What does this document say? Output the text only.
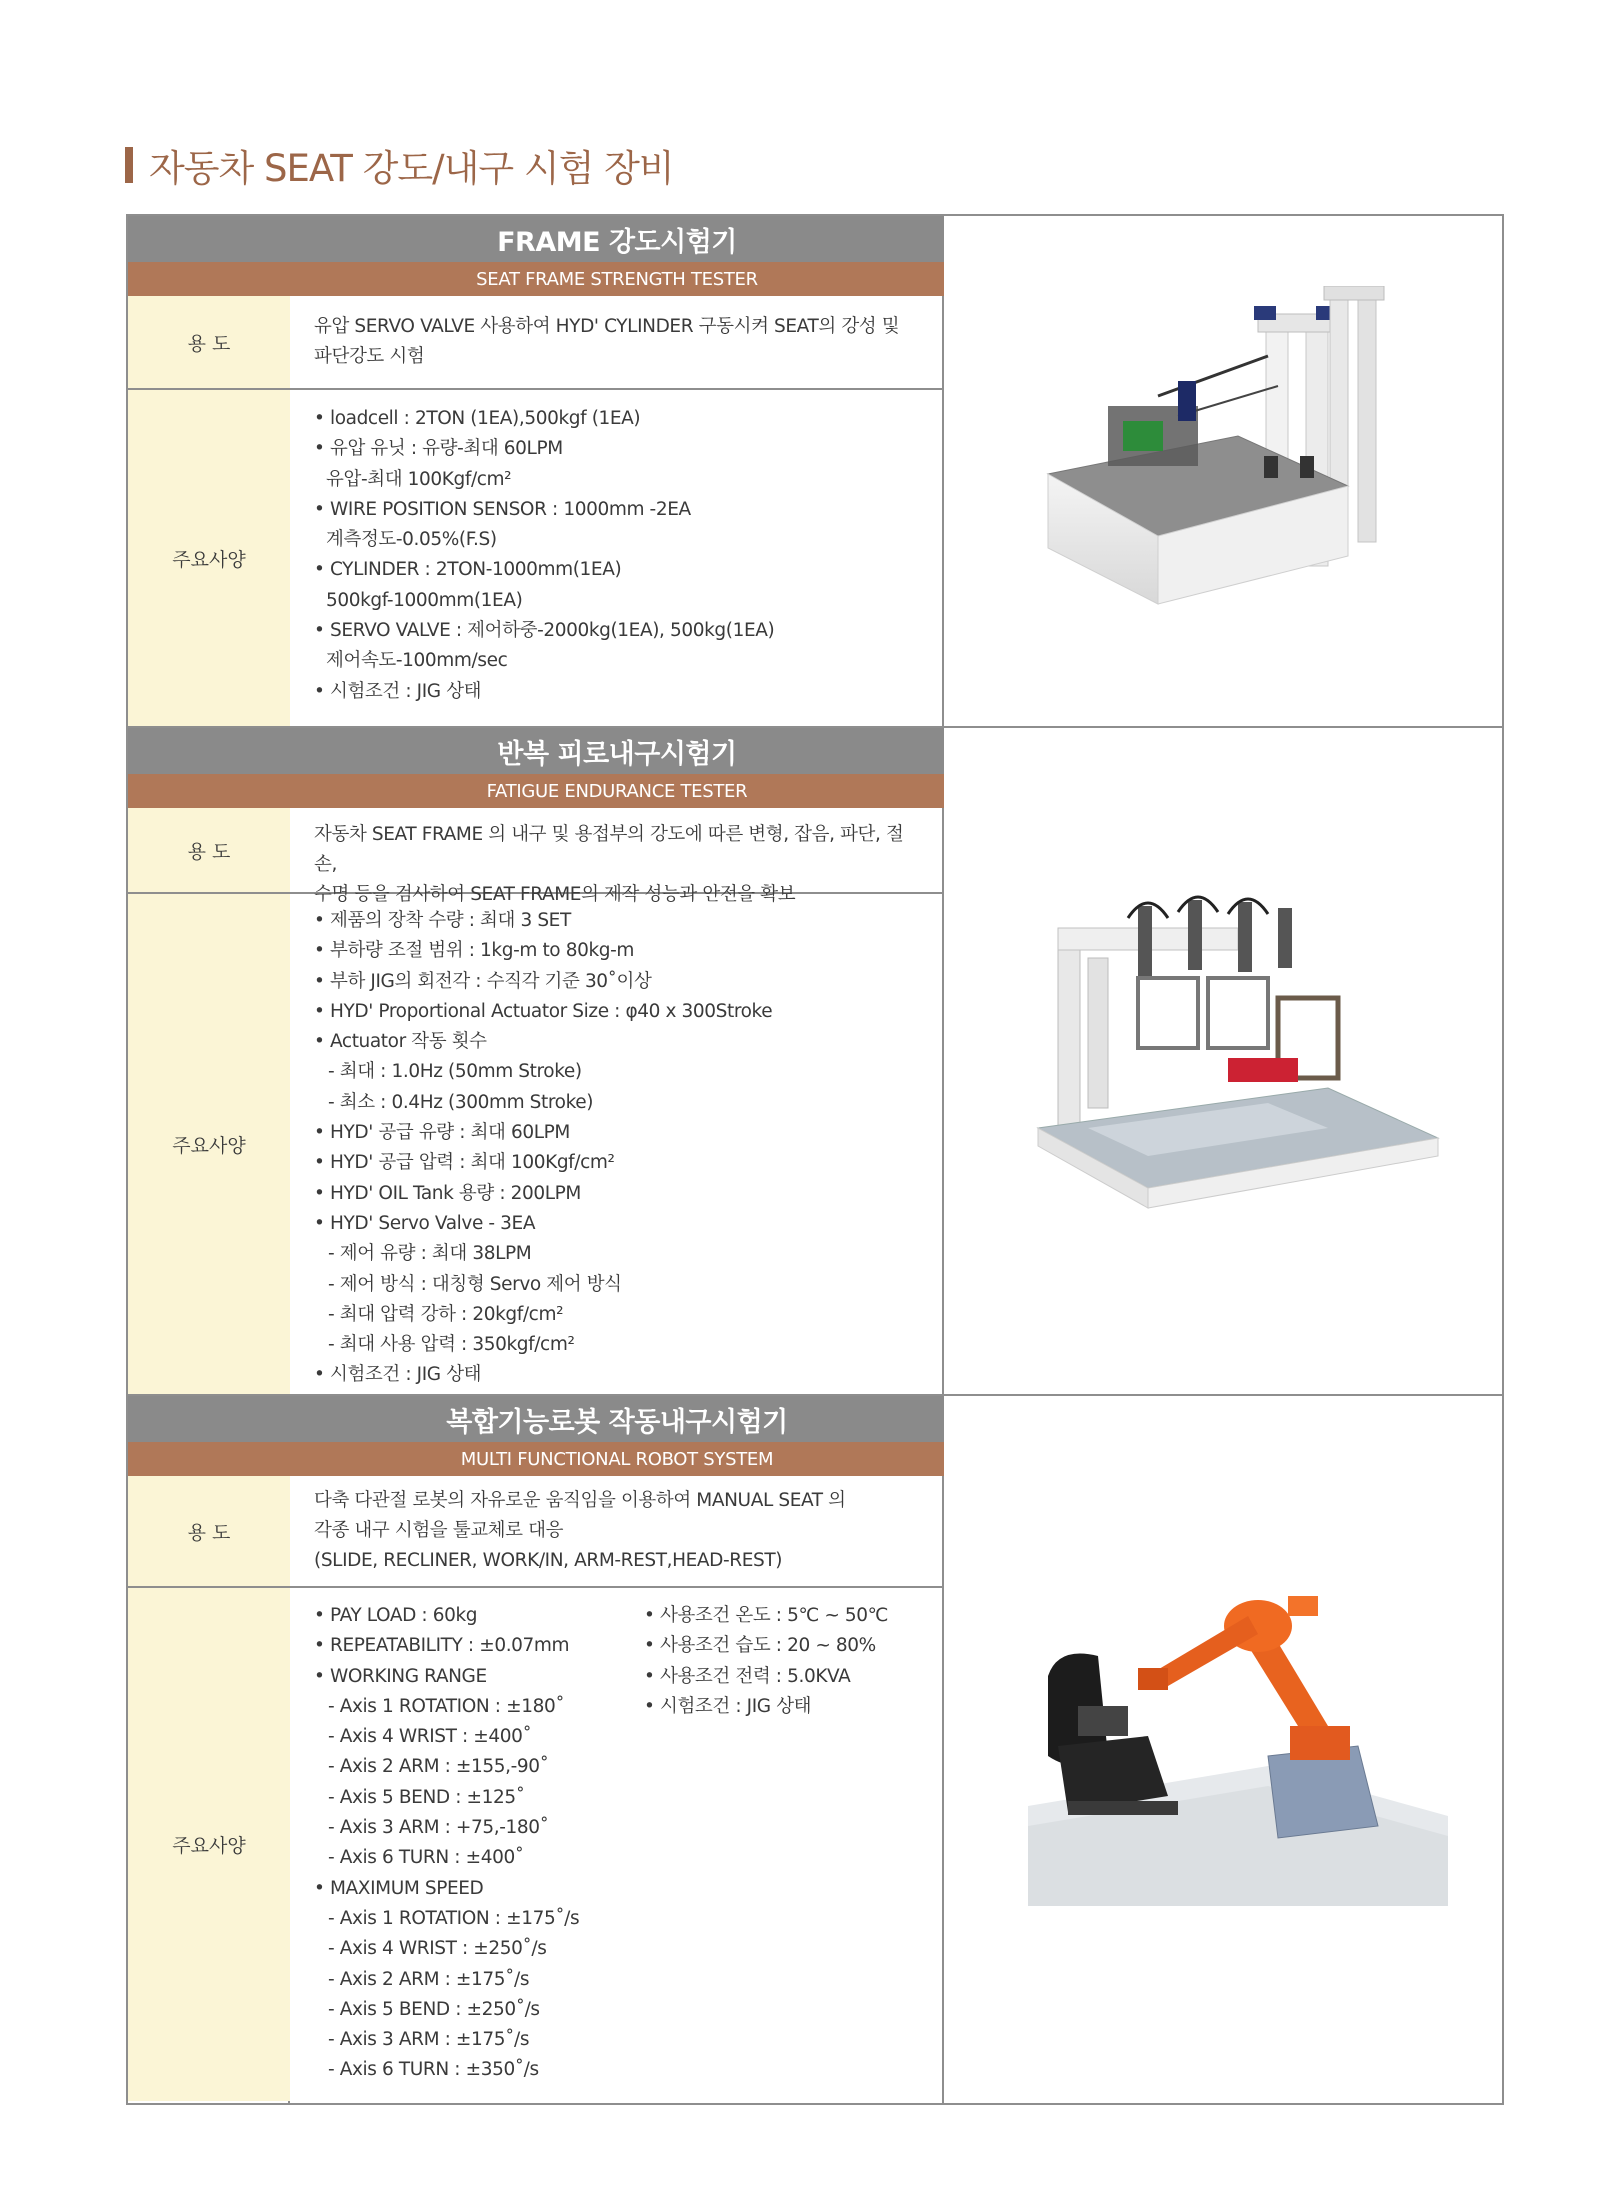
자동차 SEAT 강도/내구 시험 장비
FRAME 강도시험기
SEAT FRAME STRENGTH TESTER
용 도
유압 SERVO VALVE 사용하여 HYD' CYLINDER 구동시켜 SEAT의 강성 및
파단강도 시험
주요사양
• loadcell : 2TON (1EA),500kgf (1EA)
• 유압 유닛 : 유량-최대 60LPM
유압-최대 100Kgf/cm²
• WIRE POSITION SENSOR : 1000mm -2EA
계측정도-0.05%(F.S)
• CYLINDER : 2TON-1000mm(1EA)
500kgf-1000mm(1EA)
• SERVO VALVE : 제어하중-2000kg(1EA), 500kg(1EA)
제어속도-100mm/sec
• 시험조건 : JIG 상태
반복 피로내구시험기
FATIGUE ENDURANCE TESTER
용 도
자동차 SEAT FRAME 의 내구 및 용접부의 강도에 따른 변형, 잡음, 파단, 절손,
수명 등을 검사하여 SEAT FRAME의 제작 성능과 안전을 확보
주요사양
• 제품의 장착 수량 : 최대 3 SET
• 부하량 조절 범위 : 1kg-m to 80kg-m
• 부하 JIG의 회전각 : 수직각 기준 30˚이상
• HYD' Proportional Actuator Size : φ40 x 300Stroke
• Actuator 작동 횟수
- 최대 : 1.0Hz (50mm Stroke)
- 최소 : 0.4Hz (300mm Stroke)
• HYD' 공급 유량 : 최대 60LPM
• HYD' 공급 압력 : 최대 100Kgf/cm²
• HYD' OIL Tank 용량 : 200LPM
• HYD' Servo Valve - 3EA
- 제어 유량 : 최대 38LPM
- 제어 방식 : 대칭형 Servo 제어 방식
- 최대 압력 강하 : 20kgf/cm²
- 최대 사용 압력 : 350kgf/cm²
• 시험조건 : JIG 상태
복합기능로봇 작동내구시험기
MULTI FUNCTIONAL ROBOT SYSTEM
용 도
다축 다관절 로봇의 자유로운 움직임을 이용하여 MANUAL SEAT 의
각종 내구 시험을 툴교체로 대응
(SLIDE, RECLINER, WORK/IN, ARM-REST,HEAD-REST)
주요사양
• PAY LOAD : 60kg
• REPEATABILITY : ±0.07mm
• WORKING RANGE
- Axis 1 ROTATION : ±180˚
- Axis 4 WRIST : ±400˚
- Axis 2 ARM : ±155,-90˚
- Axis 5 BEND : ±125˚
- Axis 3 ARM : +75,-180˚
- Axis 6 TURN : ±400˚
• MAXIMUM SPEED
- Axis 1 ROTATION : ±175˚/s
- Axis 4 WRIST : ±250˚/s
- Axis 2 ARM : ±175˚/s
- Axis 5 BEND : ±250˚/s
- Axis 3 ARM : ±175˚/s
- Axis 6 TURN : ±350˚/s
• 사용조건 온도 : 5℃ ~ 50℃
• 사용조건 습도 : 20 ~ 80%
• 사용조건 전력 : 5.0KVA
• 시험조건 : JIG 상태
